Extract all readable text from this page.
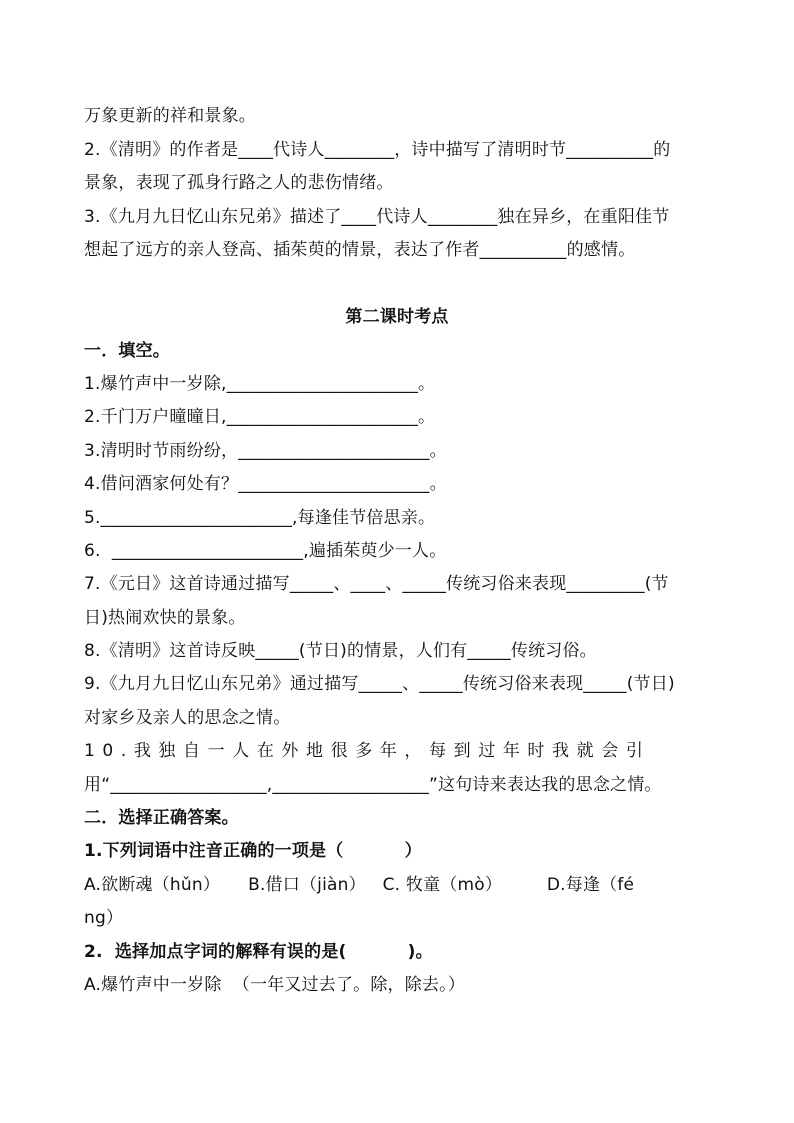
万象更新的祥和景象。
2.《清明》的作者是____代诗人________，诗中描写了清明时节__________的
景象，表现了孤身行路之人的悲伤情绪。
3.《九月九日忆山东兄弟》描述了____代诗人________独在异乡，在重阳佳节
想起了远方的亲人登高、插茱萸的情景，表达了作者__________的感情。
第二课时考点
一．填空。
1.爆竹声中一岁除,______________________。
2.千门万户曈曈日,______________________。
3.清明时节雨纷纷，______________________。
4.借问酒家何处有？______________________。
5.______________________,每逢佳节倍思亲。
6.  ______________________,遍插茱萸少一人。
7.《元日》这首诗通过描写_____、____、_____传统习俗来表现_________(节
日)热闹欢快的景象。
8.《清明》这首诗反映_____(节日)的情景，人们有_____传统习俗。
9.《九月九日忆山东兄弟》通过描写_____、_____传统习俗来表现_____(节日)
对家乡及亲人的思念之情。
10.我独自一人在外地很多年，每到过年时我就会引
用“__________________,__________________”这句诗来表达我的思念之情。
二．选择正确答案。
1.下列词语中注音正确的一项是（          ）
A.欲断魂（hǔn）     B.借口（jiàn）   C. 牧童（mò）        D.每逢（fé
ng）
2.  选择加点字词的解释有误的是(          )。
A.爆竹声中一岁除  （一年又过去了。除，除去。）
